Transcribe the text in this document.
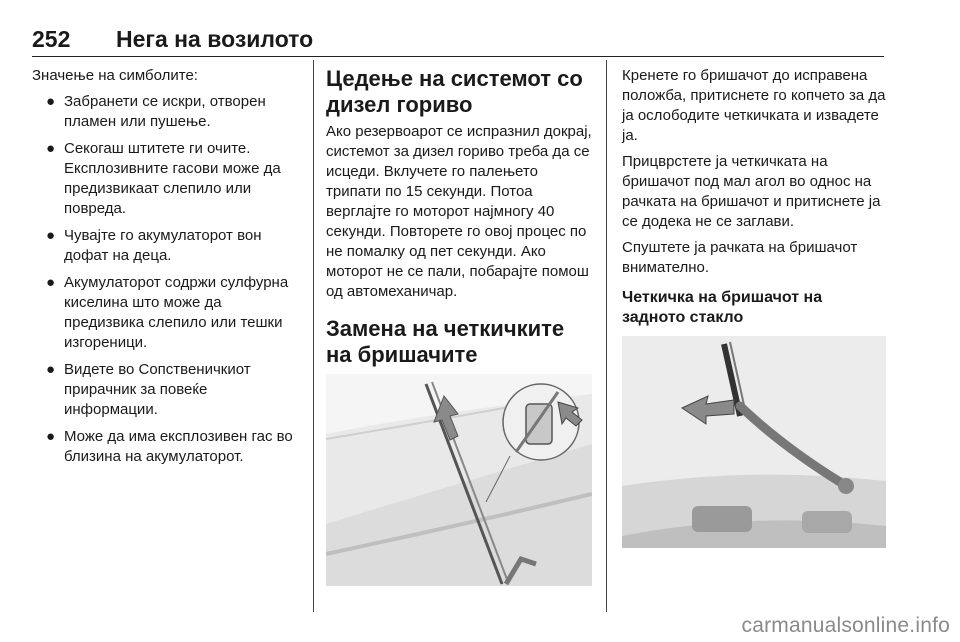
252 Нега на возилото

Значење на симболите:

● Забранети се искри, отворен пламен или пушење.
● Секогаш штитете ги очите. Експлозивните гасови може да предизвикаат слепило или повреда.
● Чувајте го акумулаторот вон дофат на деца.
● Акумулаторот содржи сулфурна киселина што може да предизвика слепило или тешки изгореници.
● Видете во Сопственичкиот прирачник за повеќе информации.
● Може да има експлозивен гас во близина на акумулаторот.
Цедење на системот со дизел гориво

Ако резервоарот се испразнил докрај, системот за дизел гориво треба да се исцеди. Вклучете го палењето трипати по 15 секунди. Потоа верглајте го моторот најмногу 40 секунди. Повторете го овој процес по не помалку од пет секунди. Ако моторот не се пали, побарајте помош од автомеханичар.

Замена на четкичките на бришачите

Кренете го бришачот до исправена положба, притиснете го копчето за да ја ослободите четкичката и извадете ја.

Прицврстете ја четкичката на бришачот под мал агол во однос на рачката на бришачот и притиснете ја се додека не се заглави.

Спуштете ја рачката на бришачот внимателно.

Четкичка на бришачот на задното стакло
carmanualsonline.info
